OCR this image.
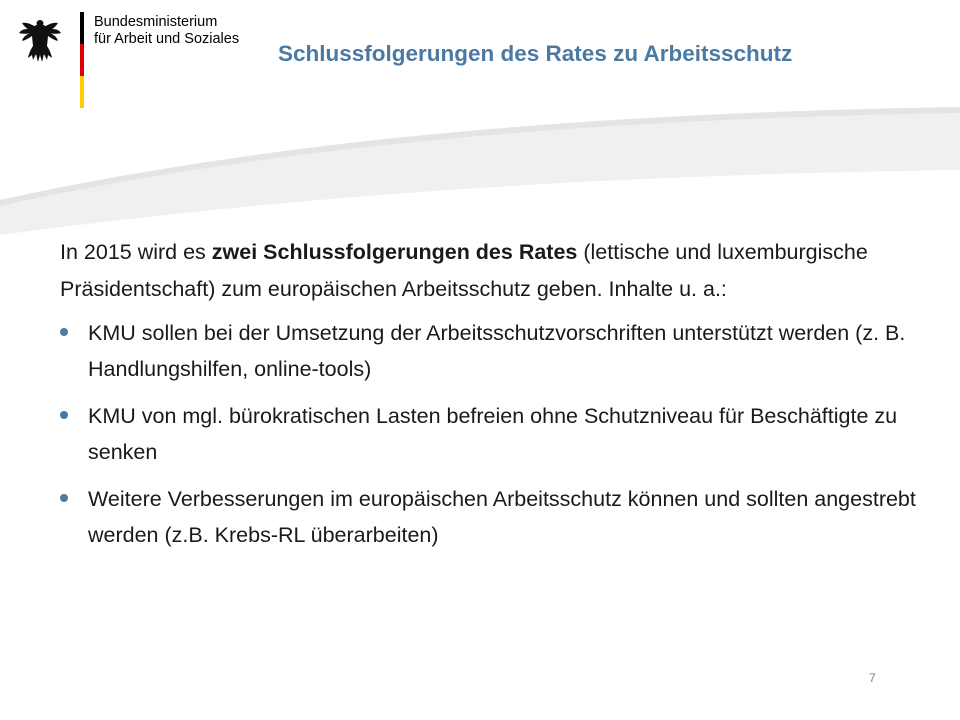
Bundesministerium
für Arbeit und Soziales
Schlussfolgerungen des Rates zu Arbeitsschutz

In 2015 wird es zwei Schlussfolgerungen des Rates (lettische und luxemburgische Präsidentschaft) zum europäischen Arbeitsschutz geben. Inhalte u. a.:

KMU sollen bei der Umsetzung der Arbeitsschutzvorschriften unterstützt werden (z. B. Handlungshilfen, online-tools)
KMU von mgl. bürokratischen Lasten befreien ohne Schutzniveau für Beschäftigte zu senken
Weitere Verbesserungen im europäischen Arbeitsschutz können und sollten angestrebt werden (z.B. Krebs-RL überarbeiten)
7
